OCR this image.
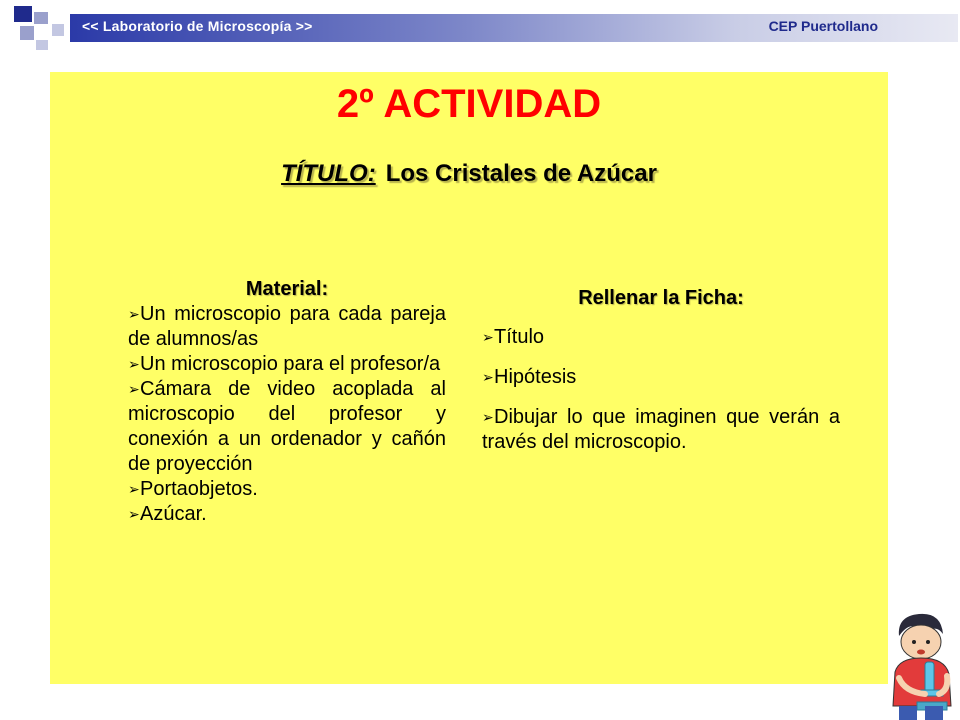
<< Laboratorio de Microscopía >>	CEP Puertollano
2º ACTIVIDAD
TÍTULO: Los Cristales de Azúcar
Material:
➢Un microscopio para cada pareja de alumnos/as
➢Un microscopio para el profesor/a
➢Cámara de video acoplada al microscopio del profesor y conexión a un ordenador y cañón de proyección
➢Portaobjetos.
➢Azúcar.
Rellenar la Ficha:
➢Título
➢Hipótesis
➢Dibujar lo que imaginen que verán a través del microscopio.
